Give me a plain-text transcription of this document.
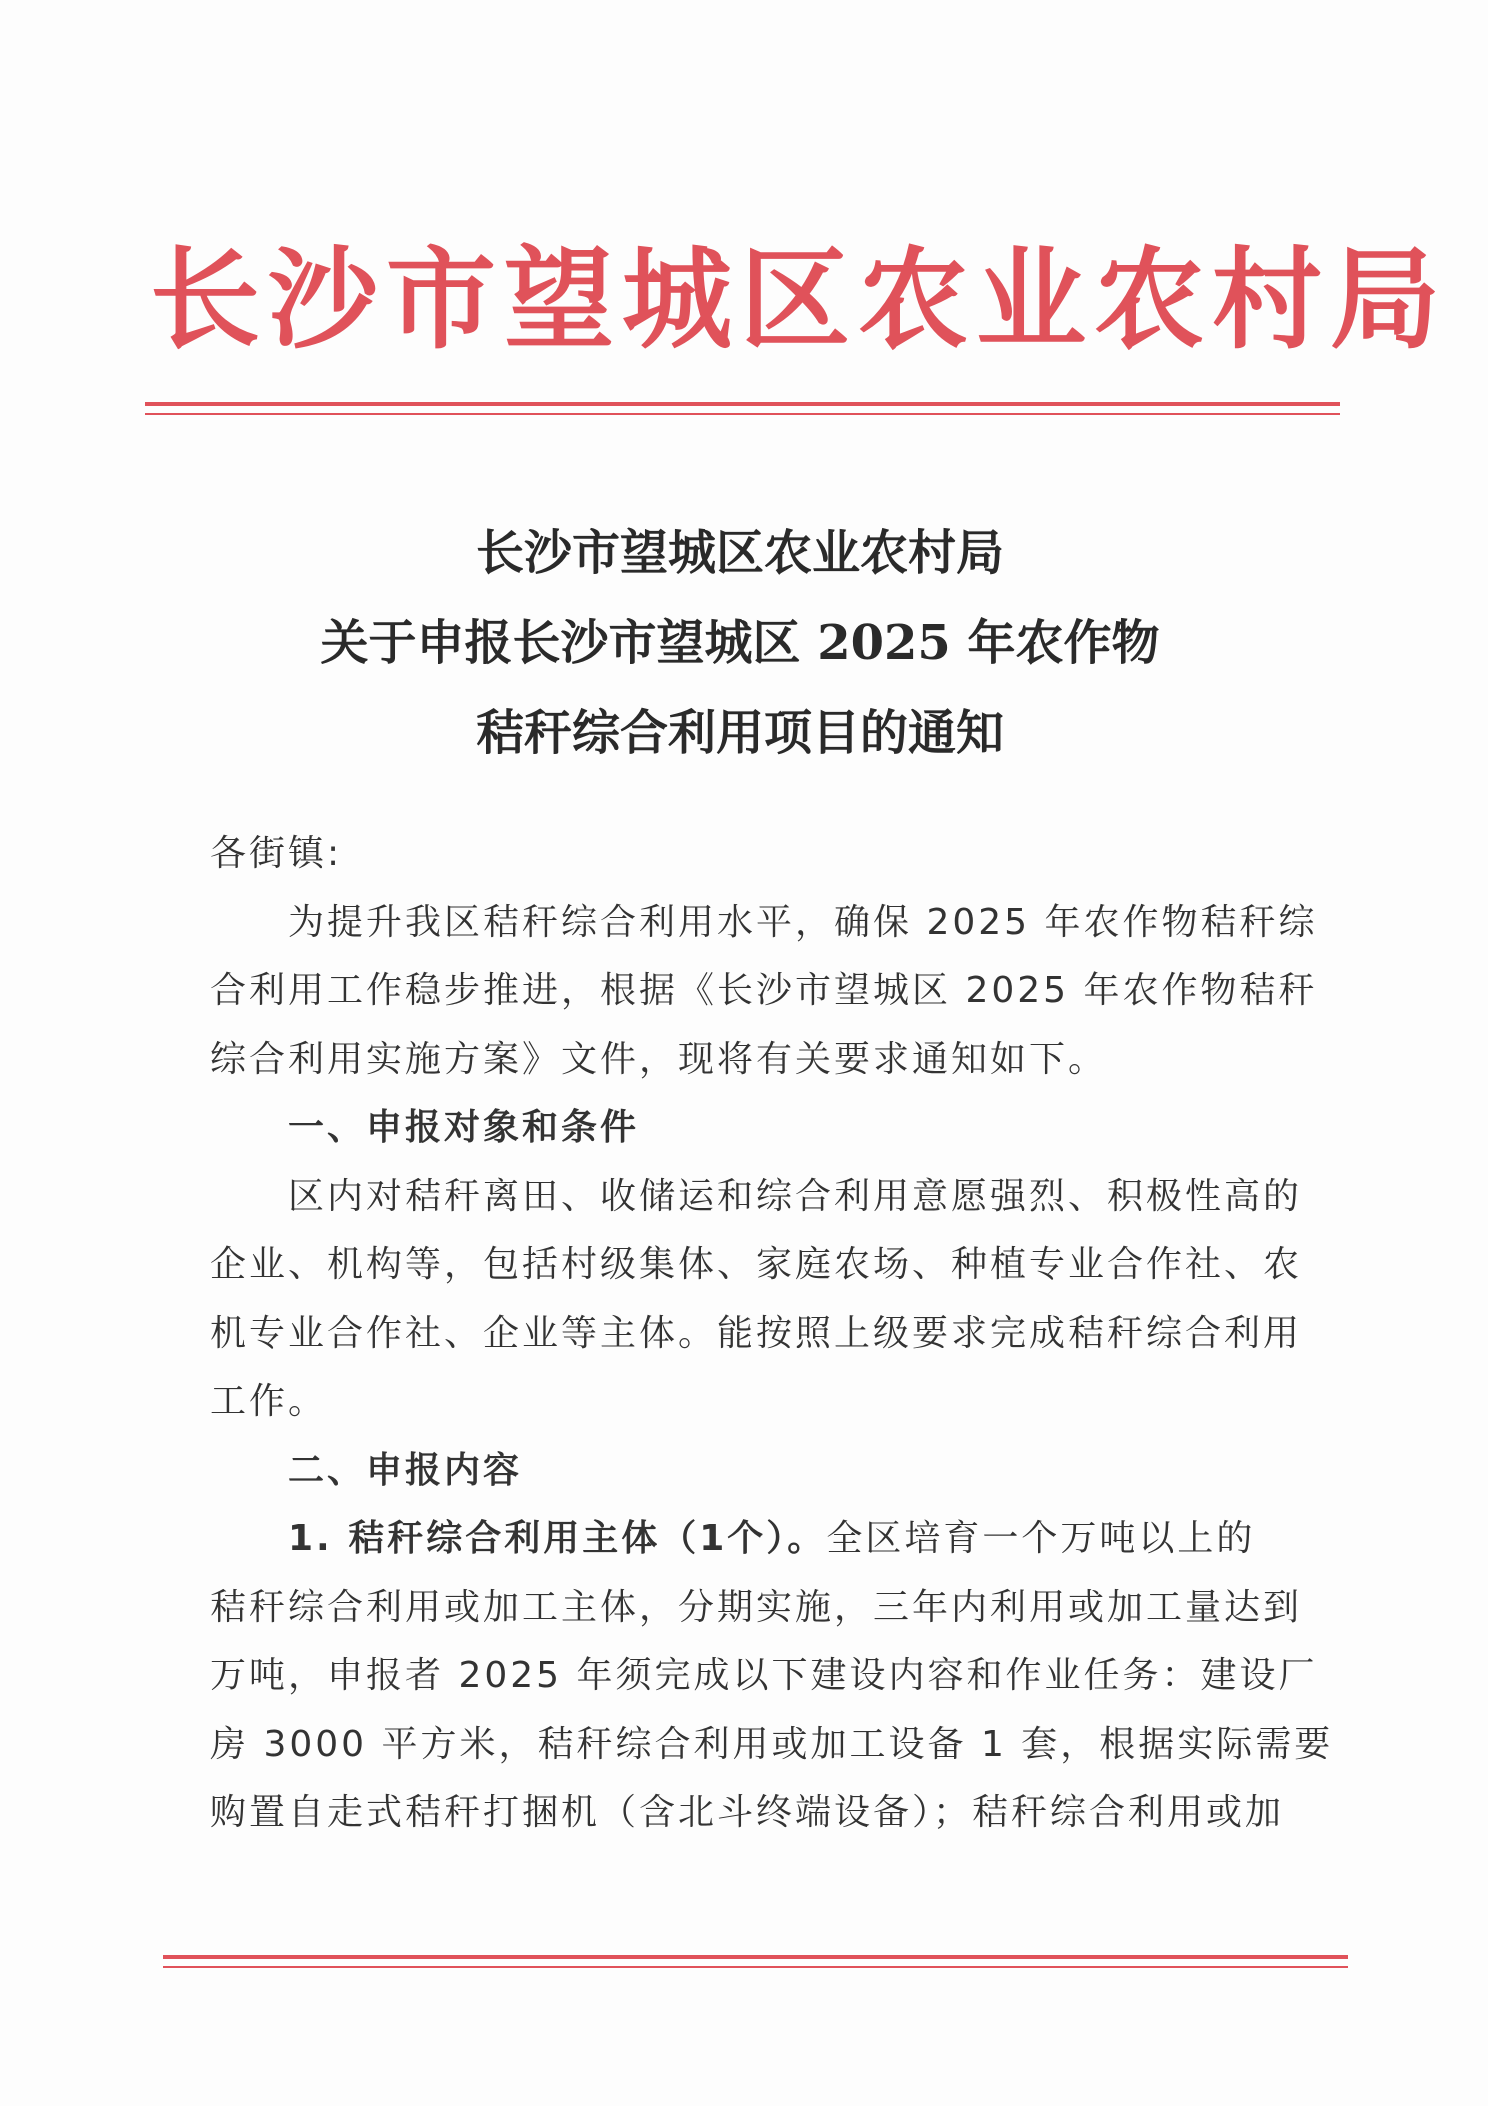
长沙市望城区农业农村局
长沙市望城区农业农村局
关于申报长沙市望城区 2025 年农作物
秸秆综合利用项目的通知
各街镇:
为提升我区秸秆综合利用水平，确保 2025 年农作物秸秆综
合利用工作稳步推进，根据《长沙市望城区 2025 年农作物秸秆
综合利用实施方案》文件，现将有关要求通知如下。
一、申报对象和条件
区内对秸秆离田、收储运和综合利用意愿强烈、积极性高的
企业、机构等，包括村级集体、家庭农场、种植专业合作社、农
机专业合作社、企业等主体。能按照上级要求完成秸秆综合利用
工作。
二、申报内容
1. 秸秆综合利用主体（1个）。全区培育一个万吨以上的
秸秆综合利用或加工主体，分期实施，三年内利用或加工量达到
万吨，申报者 2025 年须完成以下建设内容和作业任务：建设厂
房 3000 平方米，秸秆综合利用或加工设备 1 套，根据实际需要
购置自走式秸秆打捆机（含北斗终端设备）；秸秆综合利用或加
